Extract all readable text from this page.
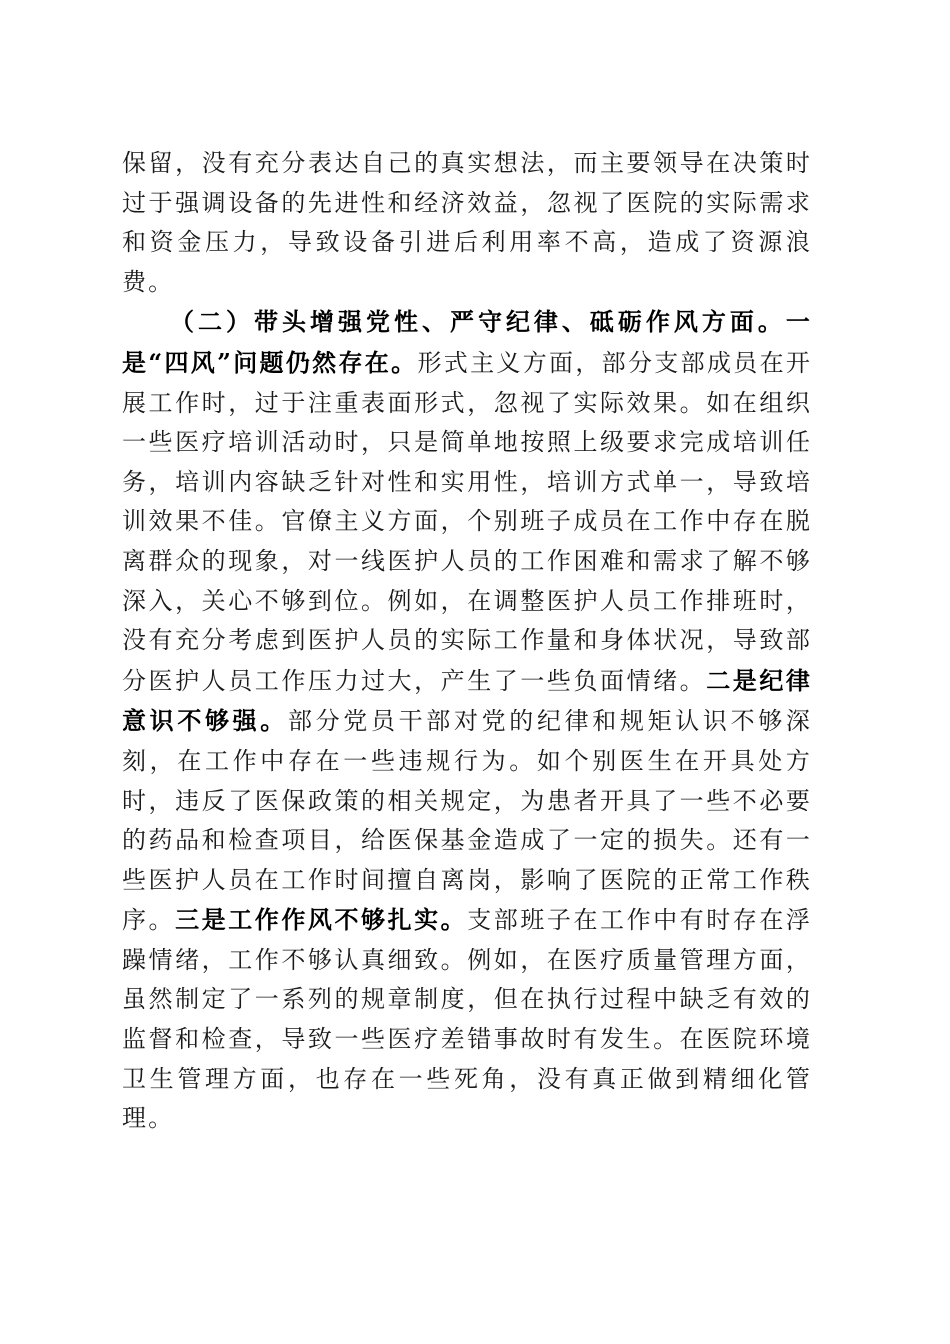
保留，没有充分表达自己的真实想法，而主要领导在决策时过于强调设备的先进性和经济效益，忽视了医院的实际需求和资金压力，导致设备引进后利用率不高，造成了资源浪费。

（二）带头增强党性、严守纪律、砥砺作风方面。一是“四风”问题仍然存在。形式主义方面，部分支部成员在开展工作时，过于注重表面形式，忽视了实际效果。如在组织一些医疗培训活动时，只是简单地按照上级要求完成培训任务，培训内容缺乏针对性和实用性，培训方式单一，导致培训效果不佳。官僚主义方面，个别班子成员在工作中存在脱离群众的现象，对一线医护人员的工作困难和需求了解不够深入，关心不够到位。例如，在调整医护人员工作排班时，没有充分考虑到医护人员的实际工作量和身体状况，导致部分医护人员工作压力过大，产生了一些负面情绪。二是纪律意识不够强。部分党员干部对党的纪律和规矩认识不够深刻，在工作中存在一些违规行为。如个别医生在开具处方时，违反了医保政策的相关规定，为患者开具了一些不必要的药品和检查项目，给医保基金造成了一定的损失。还有一些医护人员在工作时间擅自离岗，影响了医院的正常工作秩序。三是工作作风不够扎实。支部班子在工作中有时存在浮躁情绪，工作不够认真细致。例如，在医疗质量管理方面，虽然制定了一系列的规章制度，但在执行过程中缺乏有效的监督和检查，导致一些医疗差错事故时有发生。在医院环境卫生管理方面，也存在一些死角，没有真正做到精细化管理。
